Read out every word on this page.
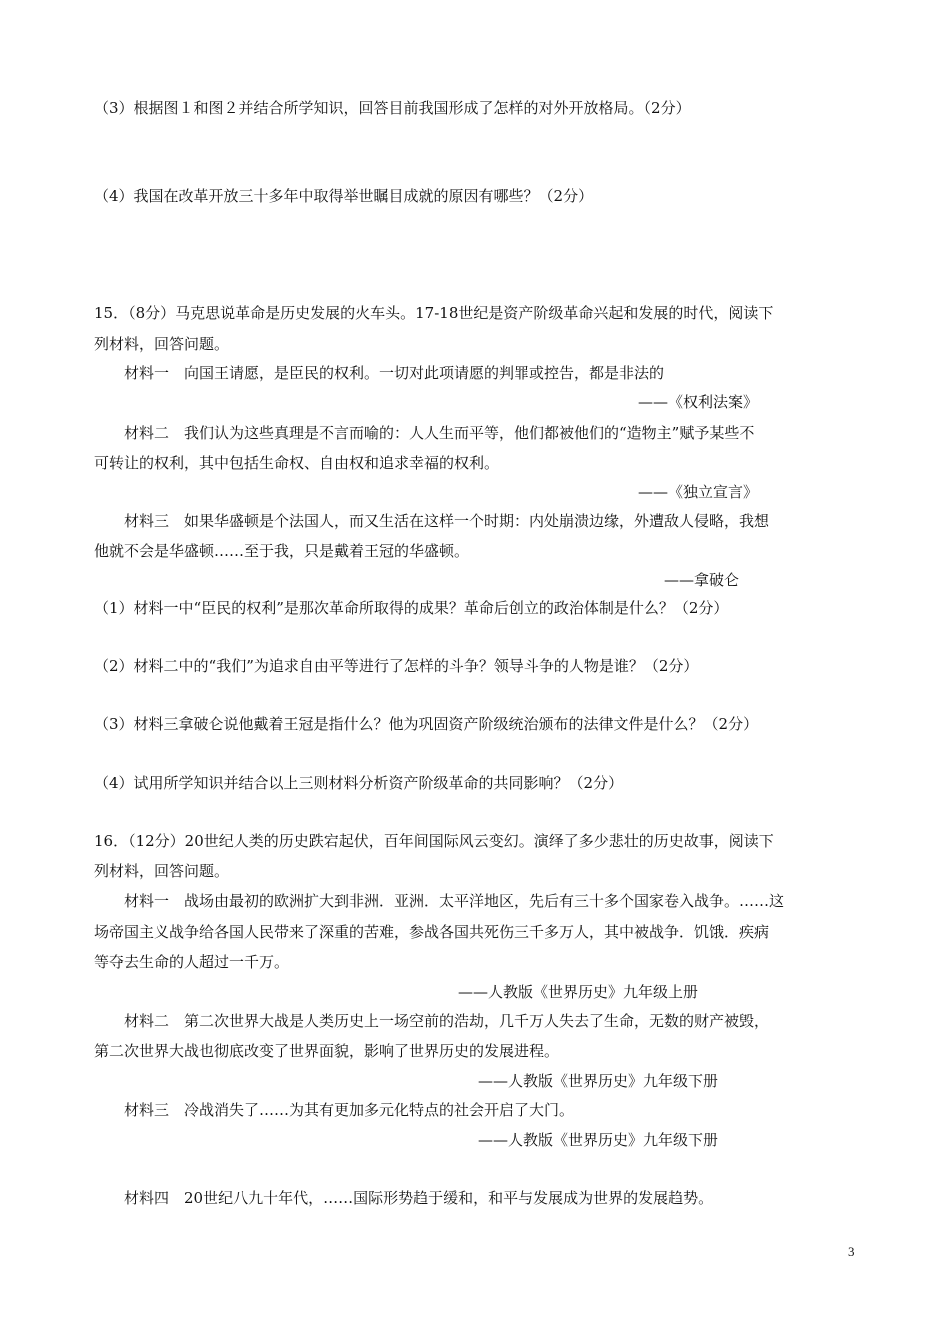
（3）根据图１和图２并结合所学知识，回答目前我国形成了怎样的对外开放格局。（2分）
（4）我国在改革开放三十多年中取得举世瞩目成就的原因有哪些？（2分）
15．（8分）马克思说革命是历史发展的火车头。17-18世纪是资产阶级革命兴起和发展的时代，阅读下
列材料，回答问题。
材料一　向国王请愿，是臣民的权利。一切对此项请愿的判罪或控告，都是非法的
——《权利法案》
材料二　我们认为这些真理是不言而喻的：人人生而平等，他们都被他们的“造物主”赋予某些不
可转让的权利，其中包括生命权、自由权和追求幸福的权利。
——《独立宣言》
材料三　如果华盛顿是个法国人，而又生活在这样一个时期：内处崩溃边缘，外遭敌人侵略，我想
他就不会是华盛顿……至于我，只是戴着王冠的华盛顿。
——拿破仑
（1）材料一中“臣民的权利”是那次革命所取得的成果？革命后创立的政治体制是什么？（2分）
（2）材料二中的“我们”为追求自由平等进行了怎样的斗争？领导斗争的人物是谁？（2分）
（3）材料三拿破仑说他戴着王冠是指什么？他为巩固资产阶级统治颁布的法律文件是什么？（2分）
（4）试用所学知识并结合以上三则材料分析资产阶级革命的共同影响？（2分）
16．（12分）20世纪人类的历史跌宕起伏，百年间国际风云变幻。演绎了多少悲壮的历史故事，阅读下
列材料，回答问题。
材料一　战场由最初的欧洲扩大到非洲．亚洲．太平洋地区，先后有三十多个国家卷入战争。……这
场帝国主义战争给各国人民带来了深重的苦难，参战各国共死伤三千多万人，其中被战争．饥饿．疾病
等夺去生命的人超过一千万。
——人教版《世界历史》九年级上册
材料二　第二次世界大战是人类历史上一场空前的浩劫，几千万人失去了生命，无数的财产被毁，
第二次世界大战也彻底改变了世界面貌，影响了世界历史的发展进程。
——人教版《世界历史》九年级下册
材料三　冷战消失了……为其有更加多元化特点的社会开启了大门。
——人教版《世界历史》九年级下册
材料四　20世纪八九十年代，……国际形势趋于缓和，和平与发展成为世界的发展趋势。
3
